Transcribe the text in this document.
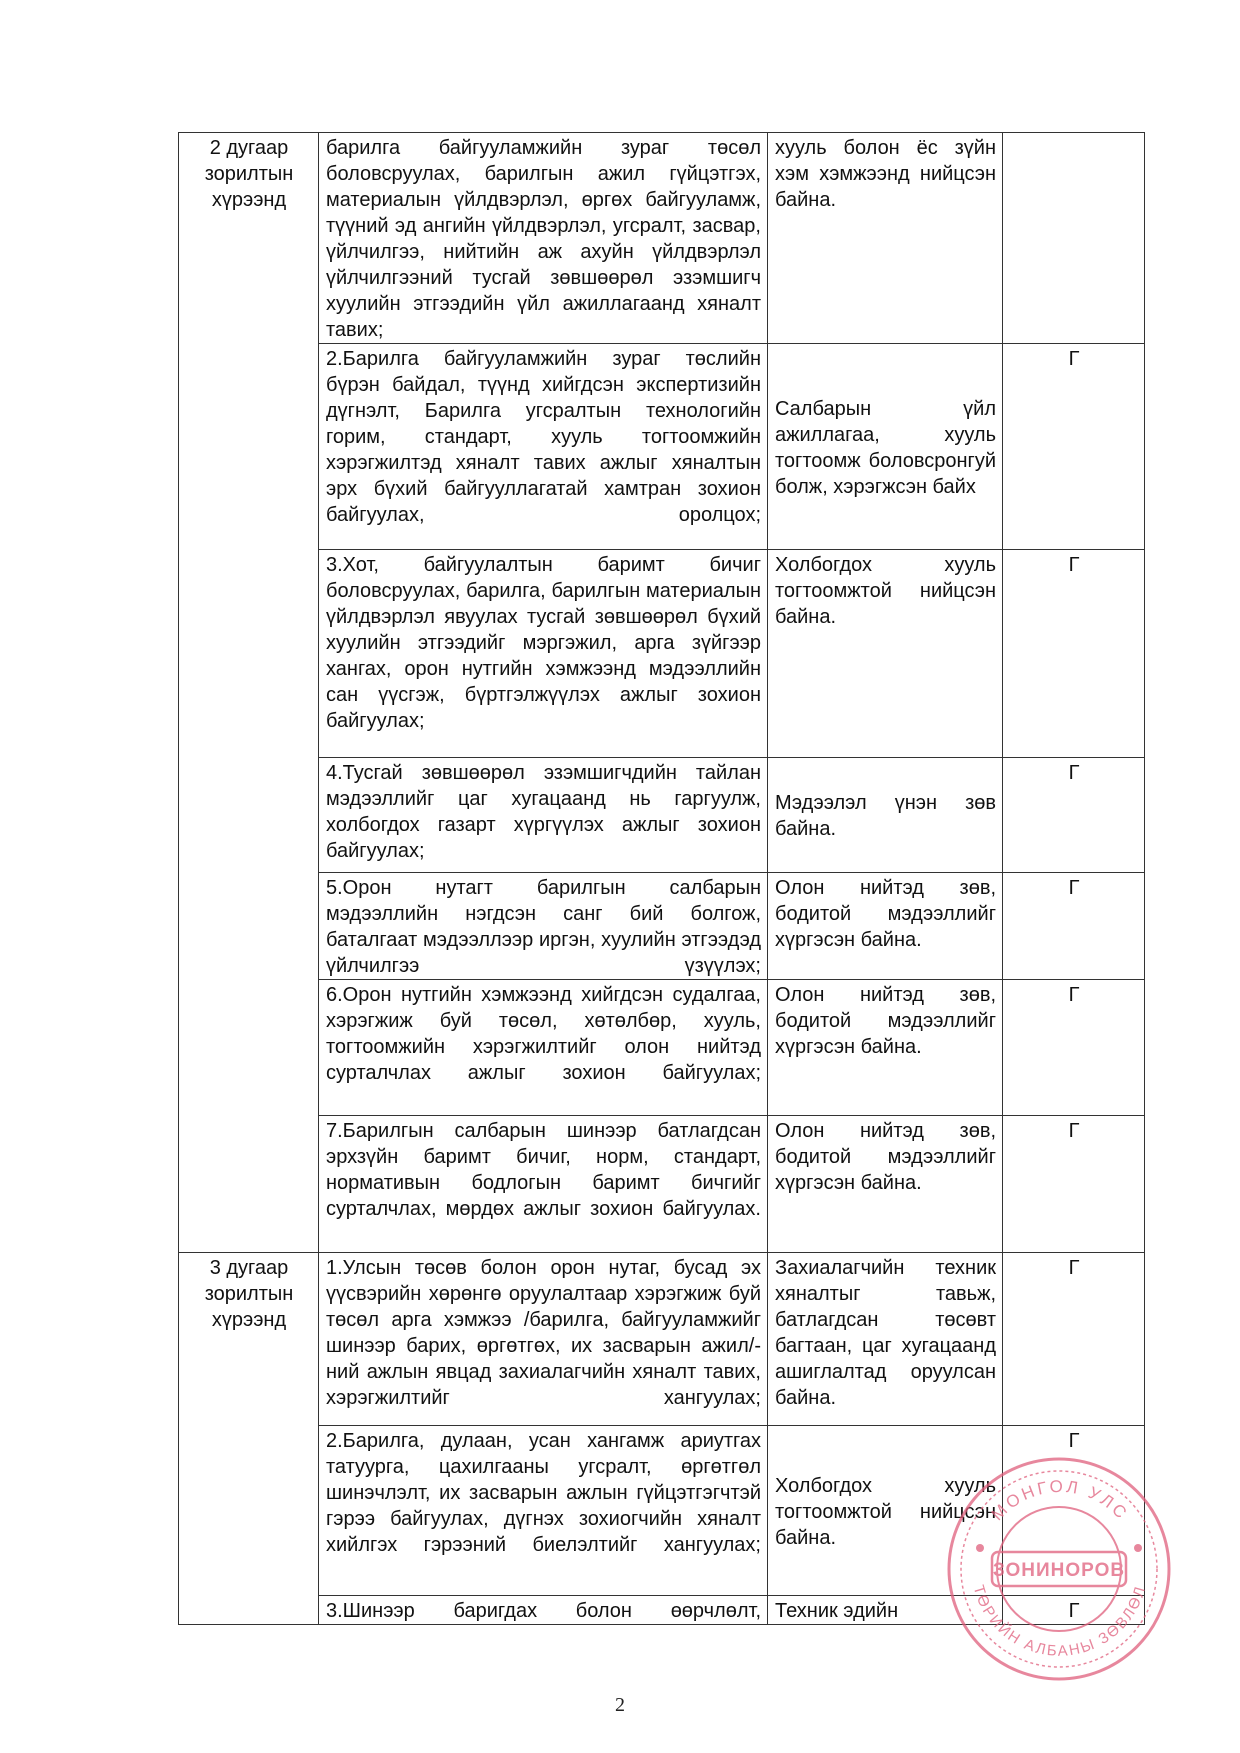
2 дугаар зорилтын хүрээнд	барилга байгууламжийн зураг төсөл боловсруулах, барилгын ажил гүйцэтгэх, материалын үйлдвэрлэл, өргөх байгууламж, түүний эд ангийн үйлдвэрлэл, угсралт, засвар, үйлчилгээ, нийтийн аж ахуйн үйлдвэрлэл үйлчилгээний тусгай зөвшөөрөл эзэмшигч хуулийн этгээдийн үйл ажиллагаанд хяналт тавих;	хууль болон ёс зүйн хэм хэмжээнд нийцсэн байна.	
	2.Барилга байгууламжийн зураг төслийн бүрэн байдал, түүнд хийгдсэн экспертизийн дүгнэлт, Барилга угсралтын технологийн горим, стандарт, хууль тогтоомжийн хэрэгжилтэд хяналт тавих ажлыг хяналтын эрх бүхий байгууллагатай хамтран зохион байгуулах, оролцох;	Салбарын үйл ажиллагаа, хууль тогтоомж боловсронгуй болж, хэрэгжсэн байх	Г
	3.Хот, байгуулалтын баримт бичиг боловсруулах, барилга, барилгын материалын үйлдвэрлэл явуулах тусгай зөвшөөрөл бүхий хуулийн этгээдийг мэргэжил, арга зүйгээр хангах, орон нутгийн хэмжээнд мэдээллийн сан үүсгэж, бүртгэлжүүлэх ажлыг зохион байгуулах;	Холбогдох хууль тогтоомжтой нийцсэн байна.	Г
	4.Тусгай зөвшөөрөл эзэмшигчдийн тайлан мэдээллийг цаг хугацаанд нь гаргуулж, холбогдох газарт хүргүүлэх ажлыг зохион байгуулах;	Мэдээлэл үнэн зөв байна.	Г
	5.Орон нутагт барилгын салбарын мэдээллийн нэгдсэн санг бий болгож, баталгаат мэдээллээр иргэн, хуулийн этгээдэд үйлчилгээ үзүүлэх;	Олон нийтэд зөв, бодитой мэдээллийг хүргэсэн байна.	Г
	6.Орон нутгийн хэмжээнд хийгдсэн судалгаа, хэрэгжиж буй төсөл, хөтөлбөр, хууль, тогтоомжийн хэрэгжилтийг олон нийтэд сурталчлах ажлыг зохион байгуулах;	Олон нийтэд зөв, бодитой мэдээллийг хүргэсэн байна.	Г
	7.Барилгын салбарын шинээр батлагдсан эрхзүйн баримт бичиг, норм, стандарт, нормативын бодлогын баримт бичгийг сурталчлах, мөрдөх ажлыг зохион байгуулах.	Олон нийтэд зөв, бодитой мэдээллийг хүргэсэн байна.	Г
3 дугаар зорилтын хүрээнд	1.Улсын төсөв болон орон нутаг, бусад эх үүсвэрийн хөрөнгө оруулалтаар хэрэгжиж буй төсөл арга хэмжээ /барилга, байгууламжийг шинээр барих, өргөтгөх, их засварын ажил/-ний ажлын явцад захиалагчийн хяналт тавих, хэрэгжилтийг хангуулах;	Захиалагчийн техник хяналтыг тавьж, батлагдсан төсөвт багтаан, цаг хугацаанд ашиглалтад оруулсан байна.	Г
	2.Барилга, дулаан, усан хангамж ариутгах татуурга, цахилгааны угсралт, өргөтгөл шинэчлэлт, их засварын ажлын гүйцэтгэгчтэй гэрээ байгуулах, дүгнэх зохиогчийн хяналт хийлгэх гэрээний биелэлтийг хангуулах;	Холбогдох хууль тогтоомжтой нийцсэн байна.	Г
	3.Шинээр баригдах болон өөрчлөлт,	Техник эдийн	Г
МОНГОЛ УЛС
ЗОНИНОРОВ
ТӨРИЙН АЛБАНЫ ЗӨВЛӨЛ
2
